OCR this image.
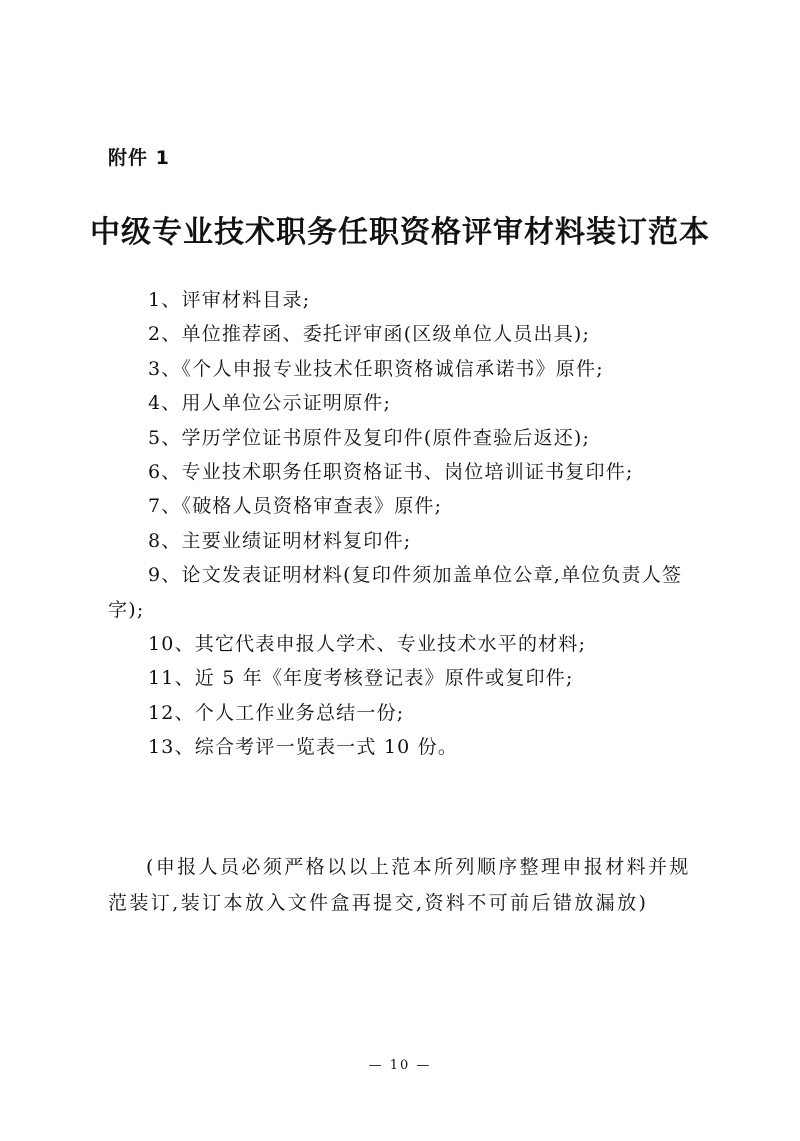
附件 1
中级专业技术职务任职资格评审材料装订范本
1、评审材料目录;
2、单位推荐函、委托评审函(区级单位人员出具);
3、《个人申报专业技术任职资格诚信承诺书》原件;
4、用人单位公示证明原件;
5、学历学位证书原件及复印件(原件查验后返还);
6、专业技术职务任职资格证书、岗位培训证书复印件;
7、《破格人员资格审查表》原件;
8、主要业绩证明材料复印件;
9、论文发表证明材料(复印件须加盖单位公章,单位负责人签字);
10、其它代表申报人学术、专业技术水平的材料;
11、近 5 年《年度考核登记表》原件或复印件;
12、个人工作业务总结一份;
13、综合考评一览表一式 10 份。

(申报人员必须严格以以上范本所列顺序整理申报材料并规范装订,装订本放入文件盒再提交,资料不可前后错放漏放)

— 10 —
